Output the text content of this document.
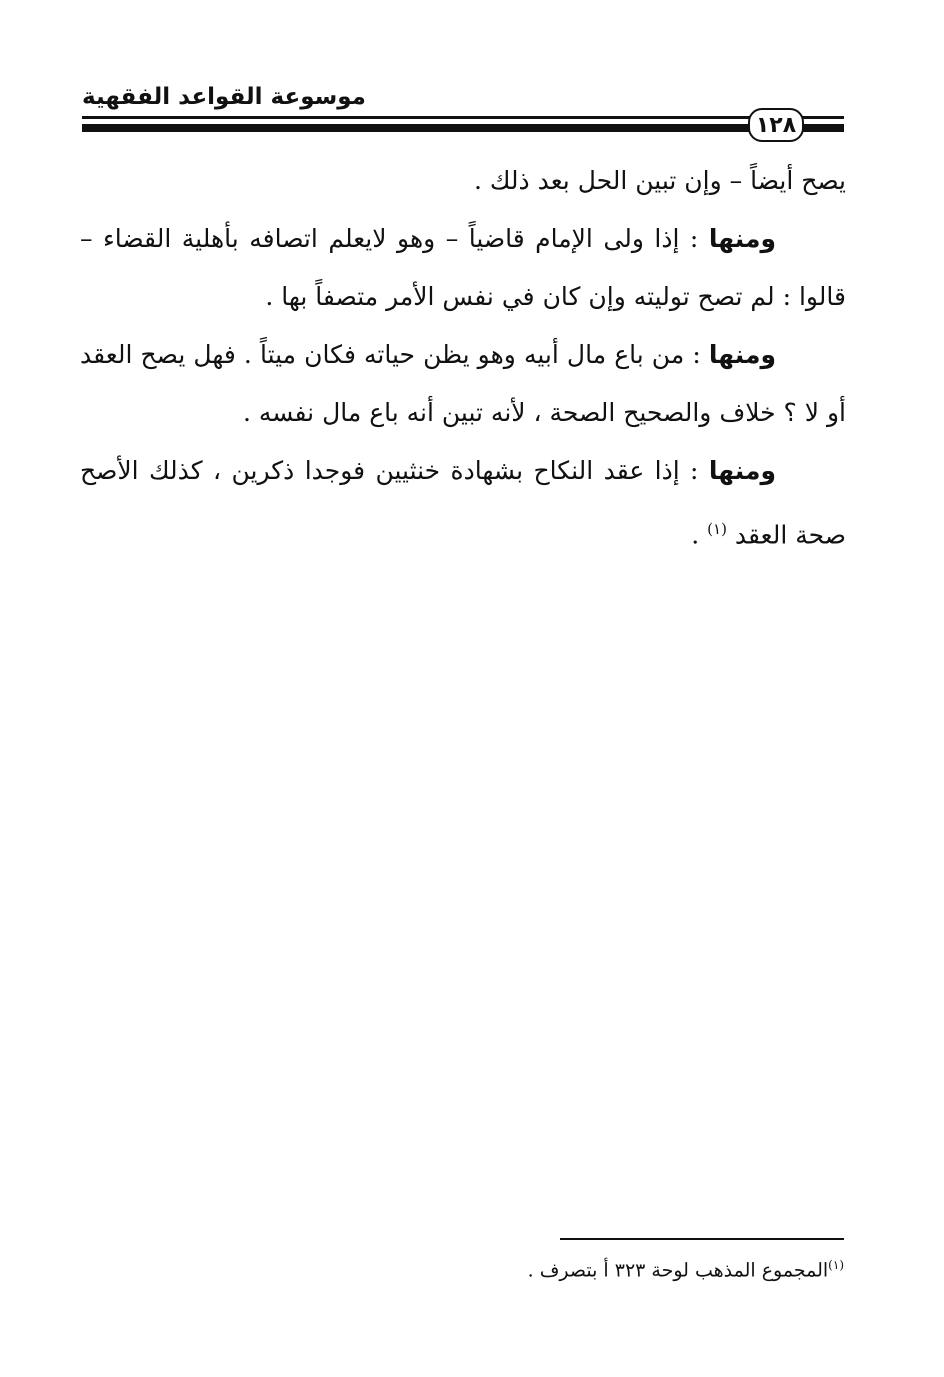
موسوعة القواعد الفقهية
١٢٨

يصح أيضاً – وإن تبين الحل بعد ذلك .

ومنها : إذا ولى الإمام قاضياً – وهو لايعلم اتصافه بأهلية القضاء – قالوا : لم تصح توليته وإن كان في نفس الأمر متصفاً بها .

ومنها : من باع مال أبيه وهو يظن حياته فكان ميتاً . فهل يصح العقد أو لا ؟ خلاف والصحيح الصحة ، لأنه تبين أنه باع مال نفسه .

ومنها : إذا عقد النكاح بشهادة خنثيين فوجدا ذكرين ، كذلك الأصح صحة العقد $^{(١)}$ .

$^{(١)}$المجموع المذهب لوحة ٣٢٣ أ بتصرف .
